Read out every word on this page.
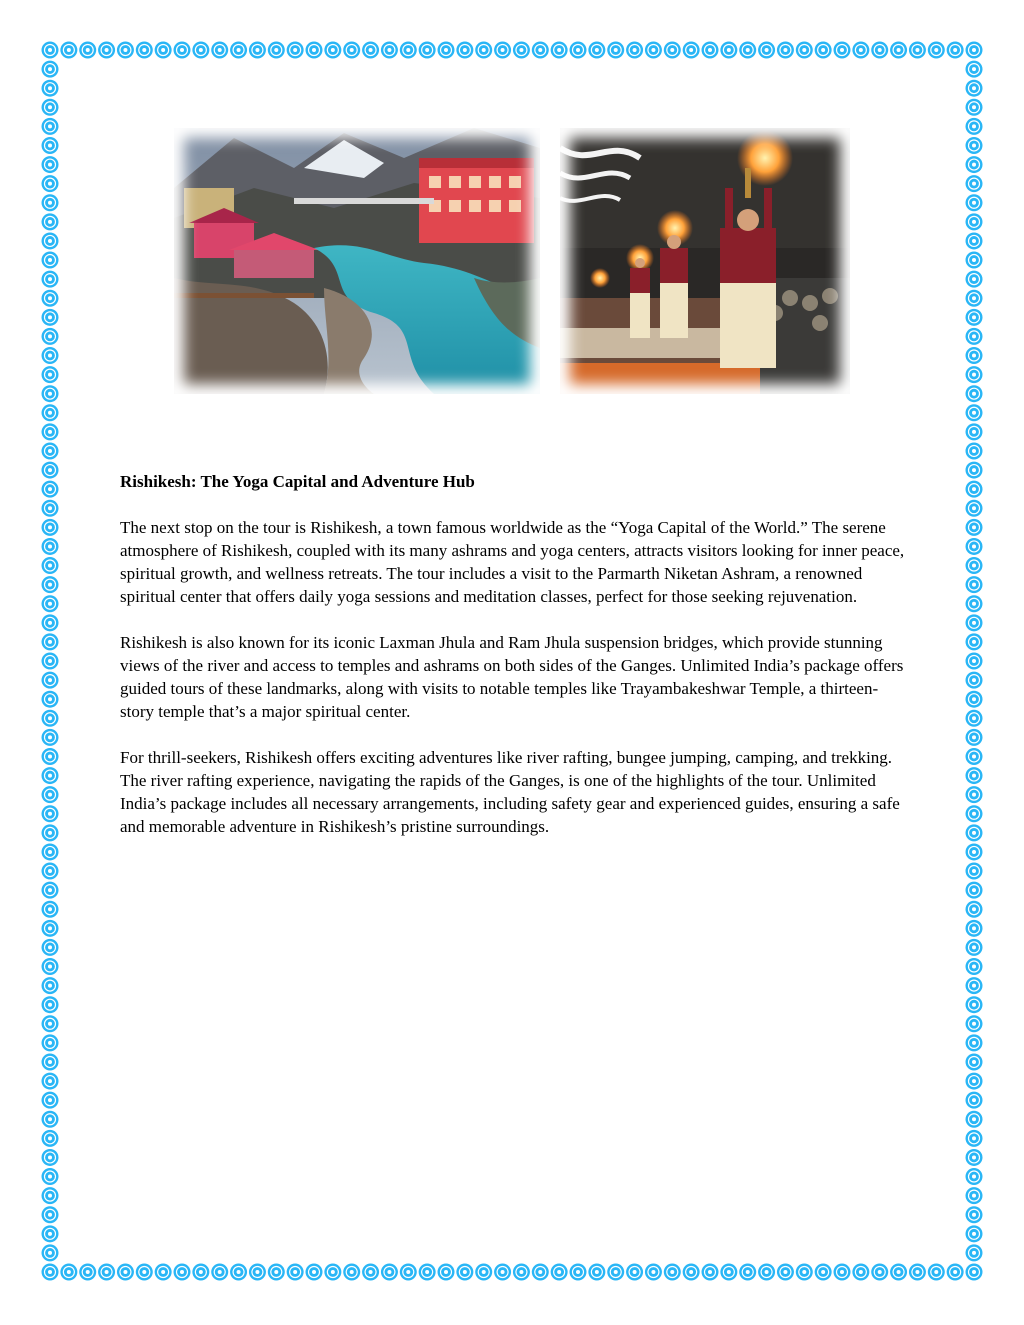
Rishikesh: The Yoga Capital and Adventure Hub

The next stop on the tour is Rishikesh, a town famous worldwide as the “Yoga Capital of the World.” The serene atmosphere of Rishikesh, coupled with its many ashrams and yoga centers, attracts visitors looking for inner peace, spiritual growth, and wellness retreats. The tour includes a visit to the Parmarth Niketan Ashram, a renowned spiritual center that offers daily yoga sessions and meditation classes, perfect for those seeking rejuvenation.

Rishikesh is also known for its iconic Laxman Jhula and Ram Jhula suspension bridges, which provide stunning views of the river and access to temples and ashrams on both sides of the Ganges. Unlimited India’s package offers guided tours of these landmarks, along with visits to notable temples like Trayambakeshwar Temple, a thirteen-story temple that’s a major spiritual center.

For thrill-seekers, Rishikesh offers exciting adventures like river rafting, bungee jumping, camping, and trekking. The river rafting experience, navigating the rapids of the Ganges, is one of the highlights of the tour. Unlimited India’s package includes all necessary arrangements, including safety gear and experienced guides, ensuring a safe and memorable adventure in Rishikesh’s pristine surroundings.
